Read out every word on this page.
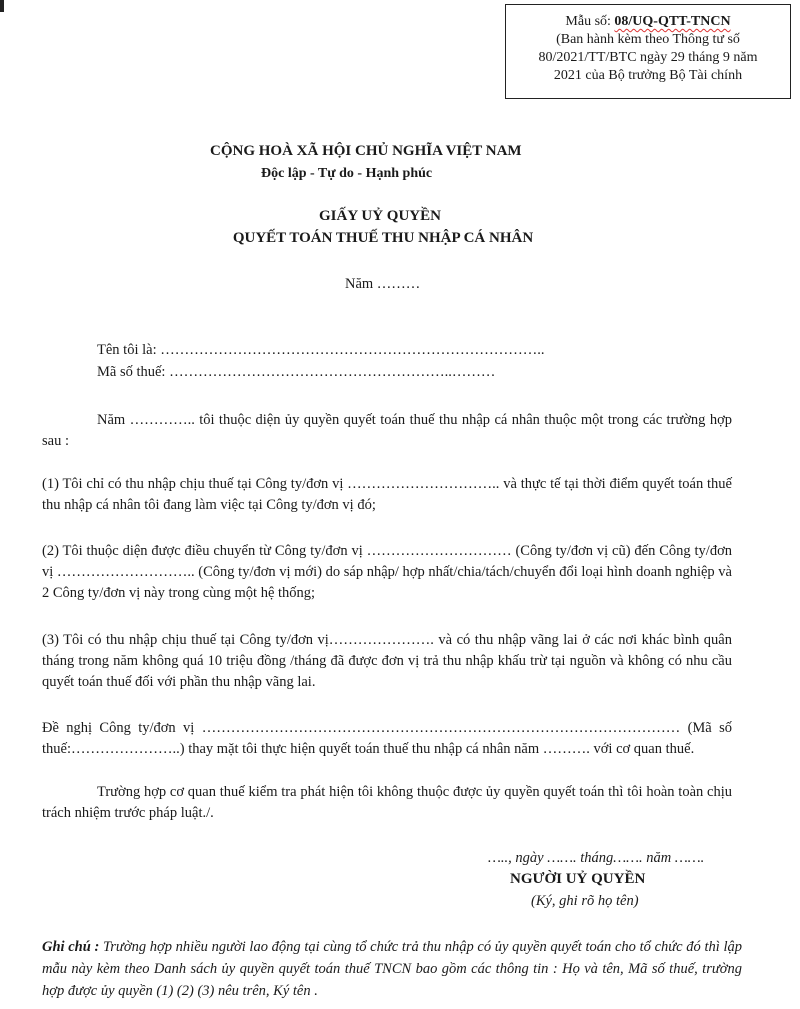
Mẫu số: 08/UQ-QTT-TNCN
(Ban hành kèm theo Thông tư số
80/2021/TT/BTC ngày 29 tháng 9 năm
2021 của Bộ trưởng Bộ Tài chính

CỘNG HOÀ XÃ HỘI CHỦ NGHĨA VIỆT NAM

Độc lập - Tự do - Hạnh phúc

GIẤY UỶ QUYỀN

QUYẾT TOÁN THUẾ THU NHẬP CÁ NHÂN

Năm ………

Tên tôi là: ……………………………………………………………………..

Mã số thuế: …………………………………………………..………

Năm ………….. tôi thuộc diện ủy quyền quyết toán thuế thu nhập cá nhân thuộc một trong các trường hợp sau :

(1) Tôi chỉ có thu nhập chịu thuế tại Công ty/đơn vị ………………………….. và thực tế tại thời điểm quyết toán thuế thu nhập cá nhân tôi đang làm việc tại Công ty/đơn vị đó;

(2) Tôi thuộc diện được điều chuyển từ Công ty/đơn vị ………………………… (Công ty/đơn vị cũ) đến Công ty/đơn vị ……………………….. (Công ty/đơn vị mới) do sáp nhập/ hợp nhất/chia/tách/chuyển đổi loại hình doanh nghiệp và 2 Công ty/đơn vị này trong cùng một hệ thống;

(3) Tôi có thu nhập chịu thuế tại Công ty/đơn vị…………………. và có thu nhập vãng lai ở các nơi khác bình quân tháng trong năm không quá 10 triệu đồng /tháng đã được đơn vị trả thu nhập khấu trừ tại nguồn và không có nhu cầu quyết toán thuế đối với phần thu nhập vãng lai.

Đề nghị Công ty/đơn vị ……………………………………………………………………………………… (Mã số thuế:…………………..) thay mặt tôi thực hiện quyết toán thuế thu nhập cá nhân năm ………. với cơ quan thuế.

Trường hợp cơ quan thuế kiểm tra phát hiện tôi không thuộc được ủy quyền quyết toán thì tôi hoàn toàn chịu trách nhiệm trước pháp luật./.

….., ngày ……. tháng……. năm …….

NGƯỜI UỶ QUYỀN

(Ký, ghi rõ họ tên)

Ghi chú : Trường hợp nhiều người lao động tại cùng tổ chức trả thu nhập có ủy quyền quyết toán cho tổ chức đó thì lập mẫu này kèm theo Danh sách ủy quyền quyết toán thuế TNCN bao gồm các thông tin : Họ và tên, Mã số thuế, trường hợp được ủy quyền (1) (2) (3) nêu trên, Ký tên .
